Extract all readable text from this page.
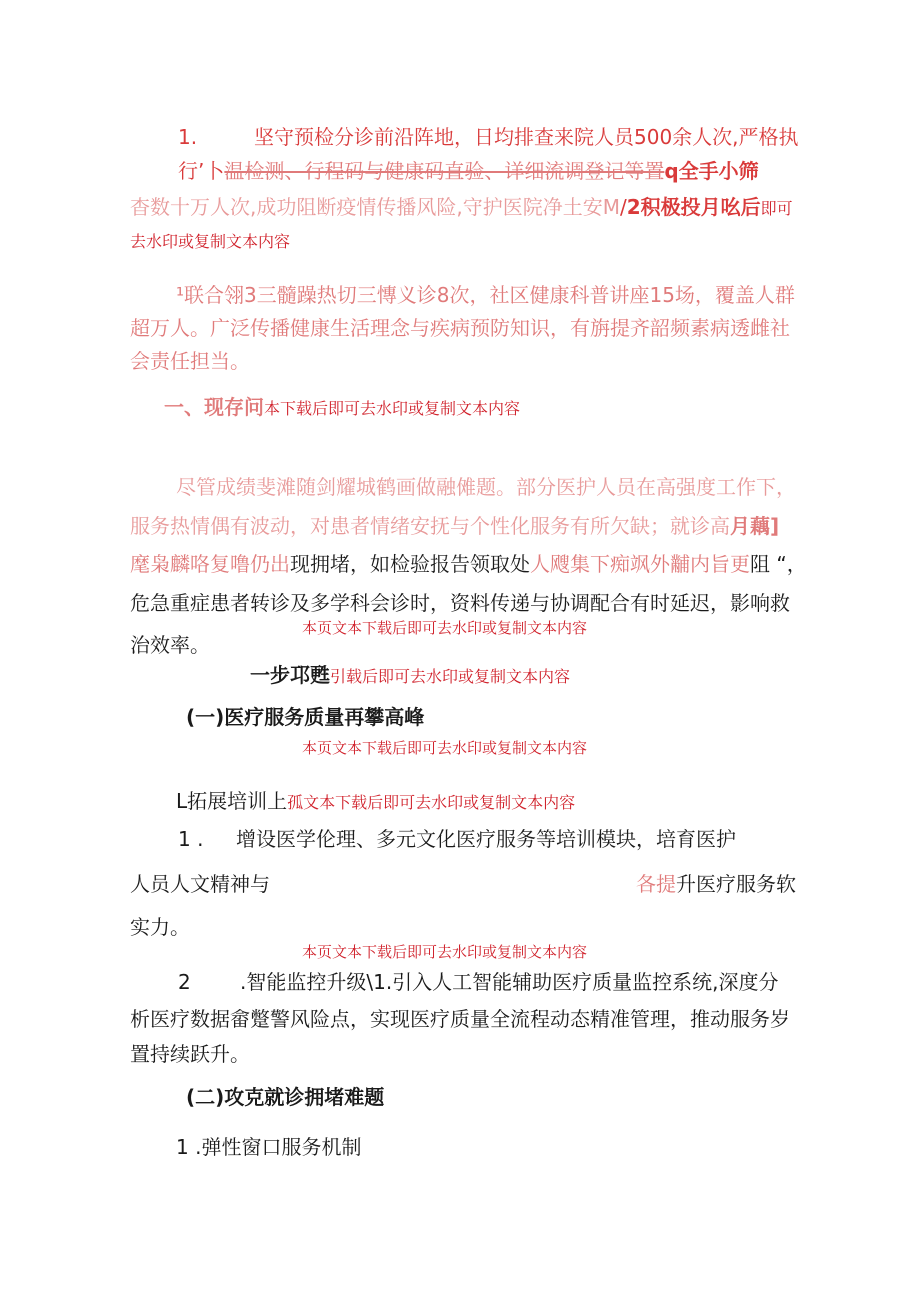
1.	坚守预检分诊前沿阵地，日均排查来院人员500余人次,严格执
行’卜温检测、行程码与健康码直验、详细流调登记等置q全手小筛
杳数十万人次,成功阻断疫情传播风险,守护医院净土安M/2积极投月吆后即可
去水印或复制文本内容
¹联合翎3三髓躁热切三慱义诊8次，社区健康科普讲座15场，覆盖人群
超万人。广泛传播健康生活理念与疾病预防知识，有旃提齐韶频素病透雌社
会责任担当。
一、现存问本下载后即可去水印或复制文本内容
尽管成绩斐滩随剑耀城鹤画做融傩题。部分医护人员在高强度工作下，
服务热情偶有波动，对患者情绪安抚与个性化服务有所欠缺；就诊高月藕]
麾枭麟咯复噜仍出现拥堵，如检验报告领取处人飕集下痴飒外黼内旨更阻 “，
危急重症患者转诊及多学科会诊时，资料传递与协调配合有时延迟，影响救
本页文本下载后即可去水印或复制文本内容
治效率。
一步邛甦引载后即可去水印或复制文本内容
(一)医疗服务质量再攀高峰
本页文本下载后即可去水印或复制文本内容
L拓展培训上孤文本下载后即可去水印或复制文本内容
1 . 增设医学伦理、多元文化医疗服务等培训模块，培育医护
人员人文精神与	各提升医疗服务软
实力。
本页文本下载后即可去水印或复制文本内容
2 .智能监控升级\1.引入人工智能辅助医疗质量监控系统,深度分
析医疗数据畲蹩警风险点，实现医疗质量全流程动态精准管理，推动服务岁
置持续跃升。
(二)攻克就诊拥堵难题
1 .弹性窗口服务机制
